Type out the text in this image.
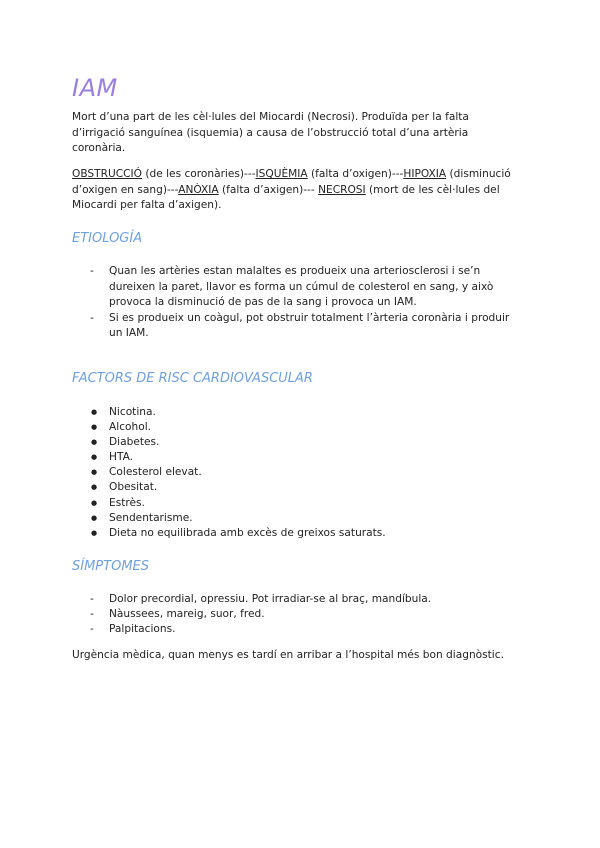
IAM

Mort d’una part de les cèl·lules del Miocardi (Necrosi). Produïda per la falta d’irrigació sanguínea (isquemia) a causa de l’obstrucció total d’una artèria coronària.

OBSTRUCCIÓ (de les coronàries)---ISQUÈMIA (falta d’oxigen)---HIPOXIA (disminució d’oxigen en sang)---ANÒXIA (falta d’axigen)--- NECROSI (mort de les cèl·lules del Miocardi per falta d’axigen).

ETIOLOGÍA
- Quan les artèries estan malaltes es produeix una arteriosclerosi i se’n dureixen la paret, llavor es forma un cúmul de colesterol en sang, y això provoca la disminució de pas de la sang i provoca un IAM.
- Si es produeix un coàgul, pot obstruir totalment l’àrteria coronària i produir un IAM.
FACTORS DE RISC CARDIOVASCULAR
● Nicotina.
● Alcohol.
● Diabetes.
● HTA.
● Colesterol elevat.
● Obesitat.
● Estrès.
● Sendentarisme.
● Dieta no equilibrada amb excès de greixos saturats.
SÍMPTOMES
- Dolor precordial, opressiu. Pot irradiar-se al braç, mandíbula.
- Nàussees, mareig, suor, fred.
- Palpitacions.

Urgència mèdica, quan menys es tardí en arribar a l’hospital més bon diagnòstic.
